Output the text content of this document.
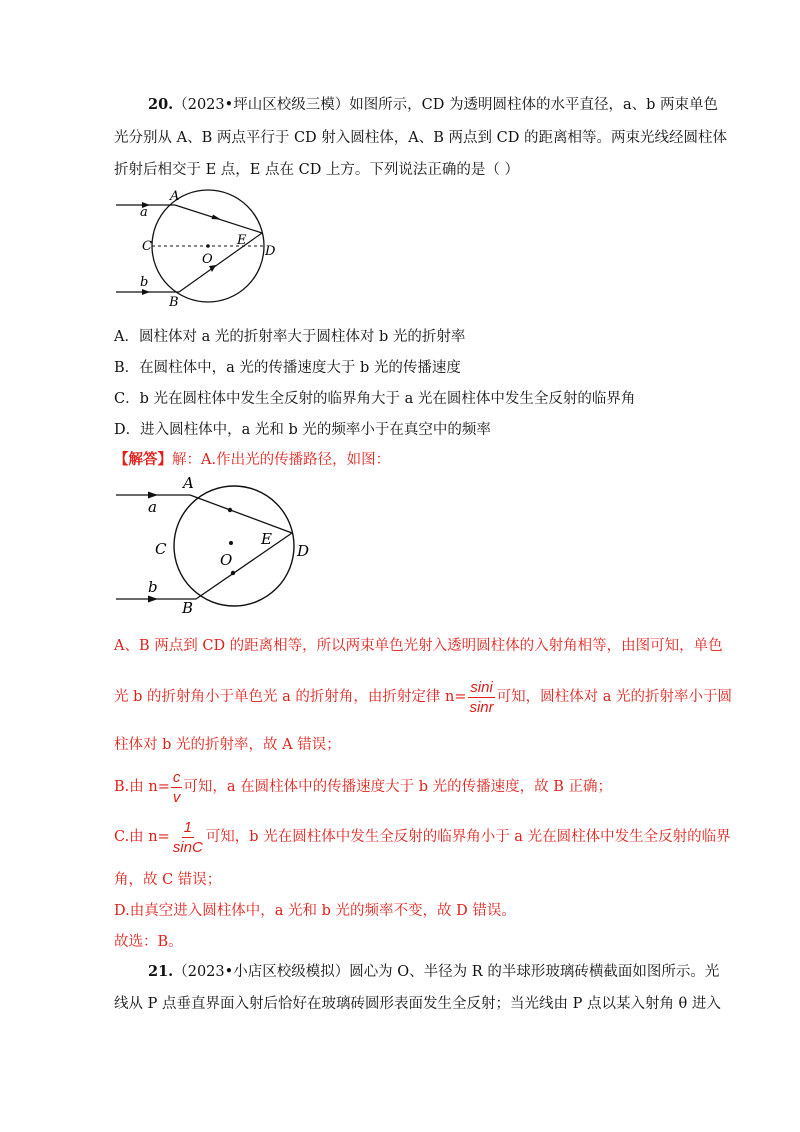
20.（2023•坪山区校级三模）如图所示，CD 为透明圆柱体的水平直径，a、b 两束单色
光分别从 A、B 两点平行于 CD 射入圆柱体，A、B 两点到 CD 的距离相等。两束光线经圆柱体
折射后相交于 E 点，E 点在 CD 上方。下列说法正确的是（ ）
A
a
C
O
E
D
b
B
A．圆柱体对 a 光的折射率大于圆柱体对 b 光的折射率
B．在圆柱体中，a 光的传播速度大于 b 光的传播速度
C．b 光在圆柱体中发生全反射的临界角大于 a 光在圆柱体中发生全反射的临界角
D．进入圆柱体中，a 光和 b 光的频率小于在真空中的频率
【解答】解：A.作出光的传播路径，如图：
A
a
C
O
E
D
b
B
A、B 两点到 CD 的距离相等，所以两束单色光射入透明圆柱体的入射角相等，由图可知，单色
光 b 的折射角小于单色光 a 的折射角，由折射定律 $n= \frac{\sin i}{\sin r}$ 可知，圆柱体对 a 光的折射率小于圆
柱体对 b 光的折射率，故 A 错误；
B.由 $n= \frac{c}{v}$ 可知，a 在圆柱体中的传播速度大于 b 光的传播速度，故 B 正确；
C.由 $n= \frac{1}{\sin C}$ 可知，b 光在圆柱体中发生全反射的临界角小于 a 光在圆柱体中发生全反射的临界
角，故 C 错误；
D.由真空进入圆柱体中，a 光和 b 光的频率不变，故 D 错误。
故选：B。
21.（2023•小店区校级模拟）圆心为 O、半径为 R 的半球形玻璃砖横截面如图所示。光
线从 P 点垂直界面入射后恰好在玻璃砖圆形表面发生全反射；当光线由 P 点以某入射角 θ 进入
